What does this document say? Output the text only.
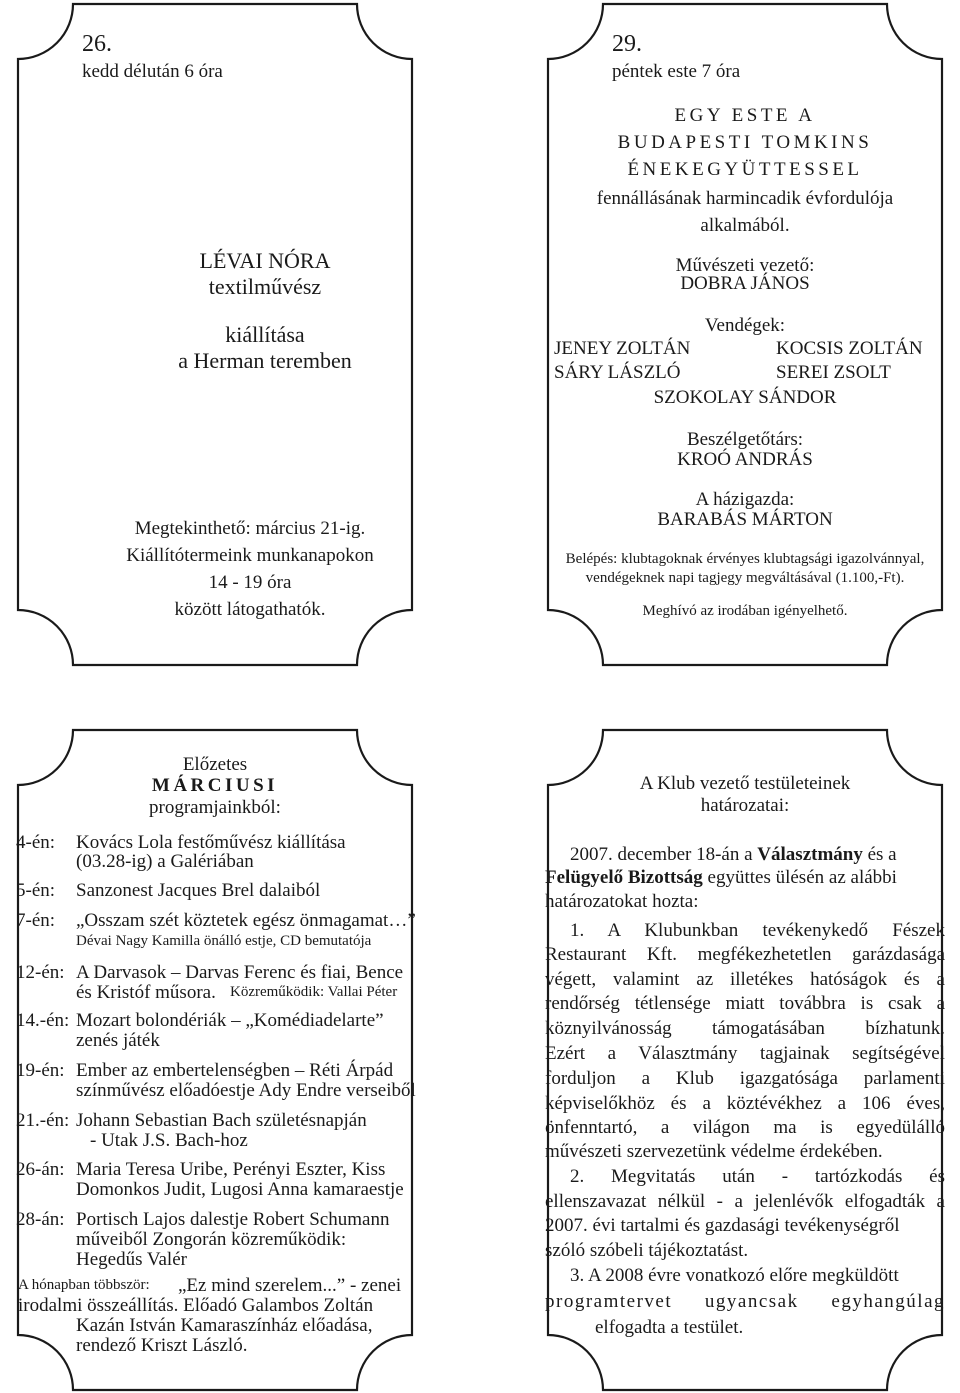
26.
kedd délután 6 óra
LÉVAI NÓRA
textilművész
kiállítása
a Herman teremben
Megtekinthető: március 21-ig.
Kiállítótermeink munkanapokon
14 - 19 óra
között látogathatók.
29.
péntek este 7 óra
EGY ESTE A
BUDAPESTI TOMKINS
ÉNEKEGYÜTTESSEL
fennállásának harmincadik évfordulója
alkalmából.
Művészeti vezető:
DOBRA JÁNOS
Vendégek:
JENEY ZOLTÁN	KOCSIS ZOLTÁN
SÁRY LÁSZLÓ	SEREI ZSOLT
SZOKOLAY SÁNDOR
Beszélgetőtárs:
KROÓ ANDRÁS
A házigazda:
BARABÁS MÁRTON
Belépés: klubtagoknak érvényes klubtagsági igazolvánnyal,
vendégeknek napi tagjegy megváltásával (1.100,-Ft).
Meghívó az irodában igényelhető.
Előzetes
MÁRCIUSI
programjainkból:
4-én: Kovács Lola festőművész kiállítása
(03.28-ig) a Galériában
5-én: Sanzonest Jacques Brel dalaiból
7-én: „Osszam szét köztetek egész önmagamat…”
Dévai Nagy Kamilla önálló estje, CD bemutatója
12-én: A Darvasok – Darvas Ferenc és fiai, Bence
és Kristóf műsora. Közreműködik: Vallai Péter
14.-én: Mozart bolondériák – „Komédiadelarte”
zenés játék
19-én: Ember az embertelenségben – Réti Árpád
színművész előadóestje Ady Endre verseiből
21.-én: Johann Sebastian Bach születésnapján
- Utak J.S. Bach-hoz
26-án: Maria Teresa Uribe, Perényi Eszter, Kiss
Domonkos Judit, Lugosi Anna kamaraestje
28-án: Portisch Lajos dalestje Robert Schumann
műveiből Zongorán közreműködik:
Hegedűs Valér
A hónapban többször: „Ez mind szerelem...” - zenei
irodalmi összeállítás. Előadó Galambos Zoltán
Kazán István Kamaraszínház előadása,
rendező Kriszt László.
A Klub vezető testületeinek
határozatai:
2007. december 18-án a Választmány és a
Felügyelő Bizottság együttes ülésén az alábbi
határozatokat hozta:
1. A Klubunkban tevékenykedő Fészek
Restaurant Kft. megfékezhetetlen garázdasága
végett, valamint az illetékes hatóságok és a
rendőrség tétlensége miatt továbbra is csak a
köznyilvánosság támogatásában bízhatunk.
Ezért a Választmány tagjainak segítségével
forduljon a Klub igazgatósága parlamenti
képviselőkhöz és a köztévékhez a 106 éves,
önfenntartó, a világon ma is egyedülálló
művészeti szervezetünk védelme érdekében.
2. Megvitatás után - tartózkodás és
ellenszavazat nélkül - a jelenlévők elfogadták a
2007. évi tartalmi és gazdasági tevékenységről
szóló szóbeli tájékoztatást.
3. A 2008 évre vonatkozó előre megküldött
programtervet ugyancsak egyhangúlag
elfogadta a testület.
